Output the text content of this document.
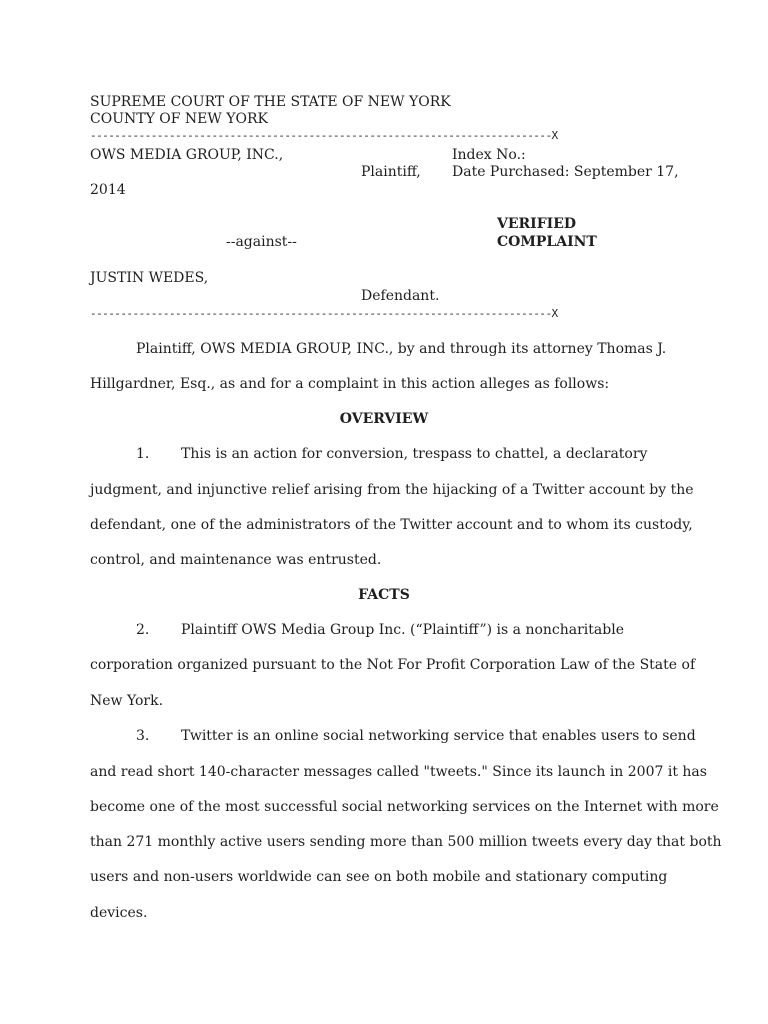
SUPREME COURT OF THE STATE OF NEW YORK
COUNTY OF NEW YORK
----------------------------------------------------------------------------X
OWS MEDIA GROUP, INC.,	Index No.:
Plaintiff, Date Purchased: September 17,
2014
VERIFIED
--against--	COMPLAINT
JUSTIN WEDES,
Defendant.
----------------------------------------------------------------------------X
Plaintiff, OWS MEDIA GROUP, INC., by and through its attorney Thomas J.
Hillgardner, Esq., as and for a complaint in this action alleges as follows:
OVERVIEW
1. This is an action for conversion, trespass to chattel, a declaratory
judgment, and injunctive relief arising from the hijacking of a Twitter account by the
defendant, one of the administrators of the Twitter account and to whom its custody,
control, and maintenance was entrusted.
FACTS
2. Plaintiff OWS Media Group Inc. (“Plaintiff”) is a noncharitable
corporation organized pursuant to the Not For Profit Corporation Law of the State of
New York.
3. Twitter is an online social networking service that enables users to send
and read short 140-character messages called "tweets." Since its launch in 2007 it has
become one of the most successful social networking services on the Internet with more
than 271 monthly active users sending more than 500 million tweets every day that both
users and non-users worldwide can see on both mobile and stationary computing
devices.
